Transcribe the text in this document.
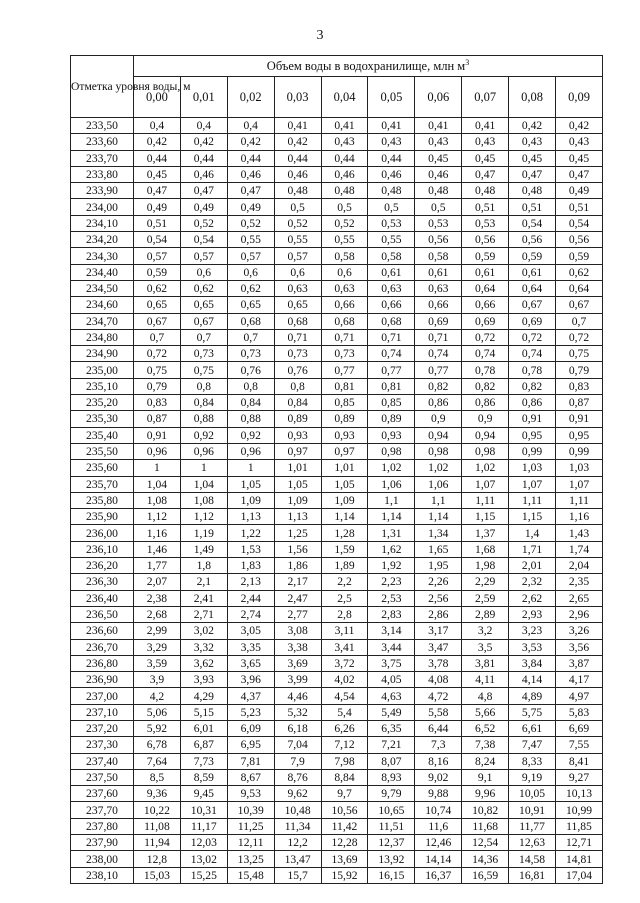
3
Отметка уровня воды, м	Объем воды в водохранилище, млн $м^3$
	0,00	0,01	0,02	0,03	0,04	0,05	0,06	0,07	0,08	0,09
233,50	0,4	0,4	0,4	0,41	0,41	0,41	0,41	0,41	0,42	0,42
233,60	0,42	0,42	0,42	0,42	0,43	0,43	0,43	0,43	0,43	0,43
233,70	0,44	0,44	0,44	0,44	0,44	0,44	0,45	0,45	0,45	0,45
233,80	0,45	0,46	0,46	0,46	0,46	0,46	0,46	0,47	0,47	0,47
233,90	0,47	0,47	0,47	0,48	0,48	0,48	0,48	0,48	0,48	0,49
234,00	0,49	0,49	0,49	0,5	0,5	0,5	0,5	0,51	0,51	0,51
234,10	0,51	0,52	0,52	0,52	0,52	0,53	0,53	0,53	0,54	0,54
234,20	0,54	0,54	0,55	0,55	0,55	0,55	0,56	0,56	0,56	0,56
234,30	0,57	0,57	0,57	0,57	0,58	0,58	0,58	0,59	0,59	0,59
234,40	0,59	0,6	0,6	0,6	0,6	0,61	0,61	0,61	0,61	0,62
234,50	0,62	0,62	0,62	0,63	0,63	0,63	0,63	0,64	0,64	0,64
234,60	0,65	0,65	0,65	0,65	0,66	0,66	0,66	0,66	0,67	0,67
234,70	0,67	0,67	0,68	0,68	0,68	0,68	0,69	0,69	0,69	0,7
234,80	0,7	0,7	0,7	0,71	0,71	0,71	0,71	0,72	0,72	0,72
234,90	0,72	0,73	0,73	0,73	0,73	0,74	0,74	0,74	0,74	0,75
235,00	0,75	0,75	0,76	0,76	0,77	0,77	0,77	0,78	0,78	0,79
235,10	0,79	0,8	0,8	0,8	0,81	0,81	0,82	0,82	0,82	0,83
235,20	0,83	0,84	0,84	0,84	0,85	0,85	0,86	0,86	0,86	0,87
235,30	0,87	0,88	0,88	0,89	0,89	0,89	0,9	0,9	0,91	0,91
235,40	0,91	0,92	0,92	0,93	0,93	0,93	0,94	0,94	0,95	0,95
235,50	0,96	0,96	0,96	0,97	0,97	0,98	0,98	0,98	0,99	0,99
235,60	1	1	1	1,01	1,01	1,02	1,02	1,02	1,03	1,03
235,70	1,04	1,04	1,05	1,05	1,05	1,06	1,06	1,07	1,07	1,07
235,80	1,08	1,08	1,09	1,09	1,09	1,1	1,1	1,11	1,11	1,11
235,90	1,12	1,12	1,13	1,13	1,14	1,14	1,14	1,15	1,15	1,16
236,00	1,16	1,19	1,22	1,25	1,28	1,31	1,34	1,37	1,4	1,43
236,10	1,46	1,49	1,53	1,56	1,59	1,62	1,65	1,68	1,71	1,74
236,20	1,77	1,8	1,83	1,86	1,89	1,92	1,95	1,98	2,01	2,04
236,30	2,07	2,1	2,13	2,17	2,2	2,23	2,26	2,29	2,32	2,35
236,40	2,38	2,41	2,44	2,47	2,5	2,53	2,56	2,59	2,62	2,65
236,50	2,68	2,71	2,74	2,77	2,8	2,83	2,86	2,89	2,93	2,96
236,60	2,99	3,02	3,05	3,08	3,11	3,14	3,17	3,2	3,23	3,26
236,70	3,29	3,32	3,35	3,38	3,41	3,44	3,47	3,5	3,53	3,56
236,80	3,59	3,62	3,65	3,69	3,72	3,75	3,78	3,81	3,84	3,87
236,90	3,9	3,93	3,96	3,99	4,02	4,05	4,08	4,11	4,14	4,17
237,00	4,2	4,29	4,37	4,46	4,54	4,63	4,72	4,8	4,89	4,97
237,10	5,06	5,15	5,23	5,32	5,4	5,49	5,58	5,66	5,75	5,83
237,20	5,92	6,01	6,09	6,18	6,26	6,35	6,44	6,52	6,61	6,69
237,30	6,78	6,87	6,95	7,04	7,12	7,21	7,3	7,38	7,47	7,55
237,40	7,64	7,73	7,81	7,9	7,98	8,07	8,16	8,24	8,33	8,41
237,50	8,5	8,59	8,67	8,76	8,84	8,93	9,02	9,1	9,19	9,27
237,60	9,36	9,45	9,53	9,62	9,7	9,79	9,88	9,96	10,05	10,13
237,70	10,22	10,31	10,39	10,48	10,56	10,65	10,74	10,82	10,91	10,99
237,80	11,08	11,17	11,25	11,34	11,42	11,51	11,6	11,68	11,77	11,85
237,90	11,94	12,03	12,11	12,2	12,28	12,37	12,46	12,54	12,63	12,71
238,00	12,8	13,02	13,25	13,47	13,69	13,92	14,14	14,36	14,58	14,81
238,10	15,03	15,25	15,48	15,7	15,92	16,15	16,37	16,59	16,81	17,04
